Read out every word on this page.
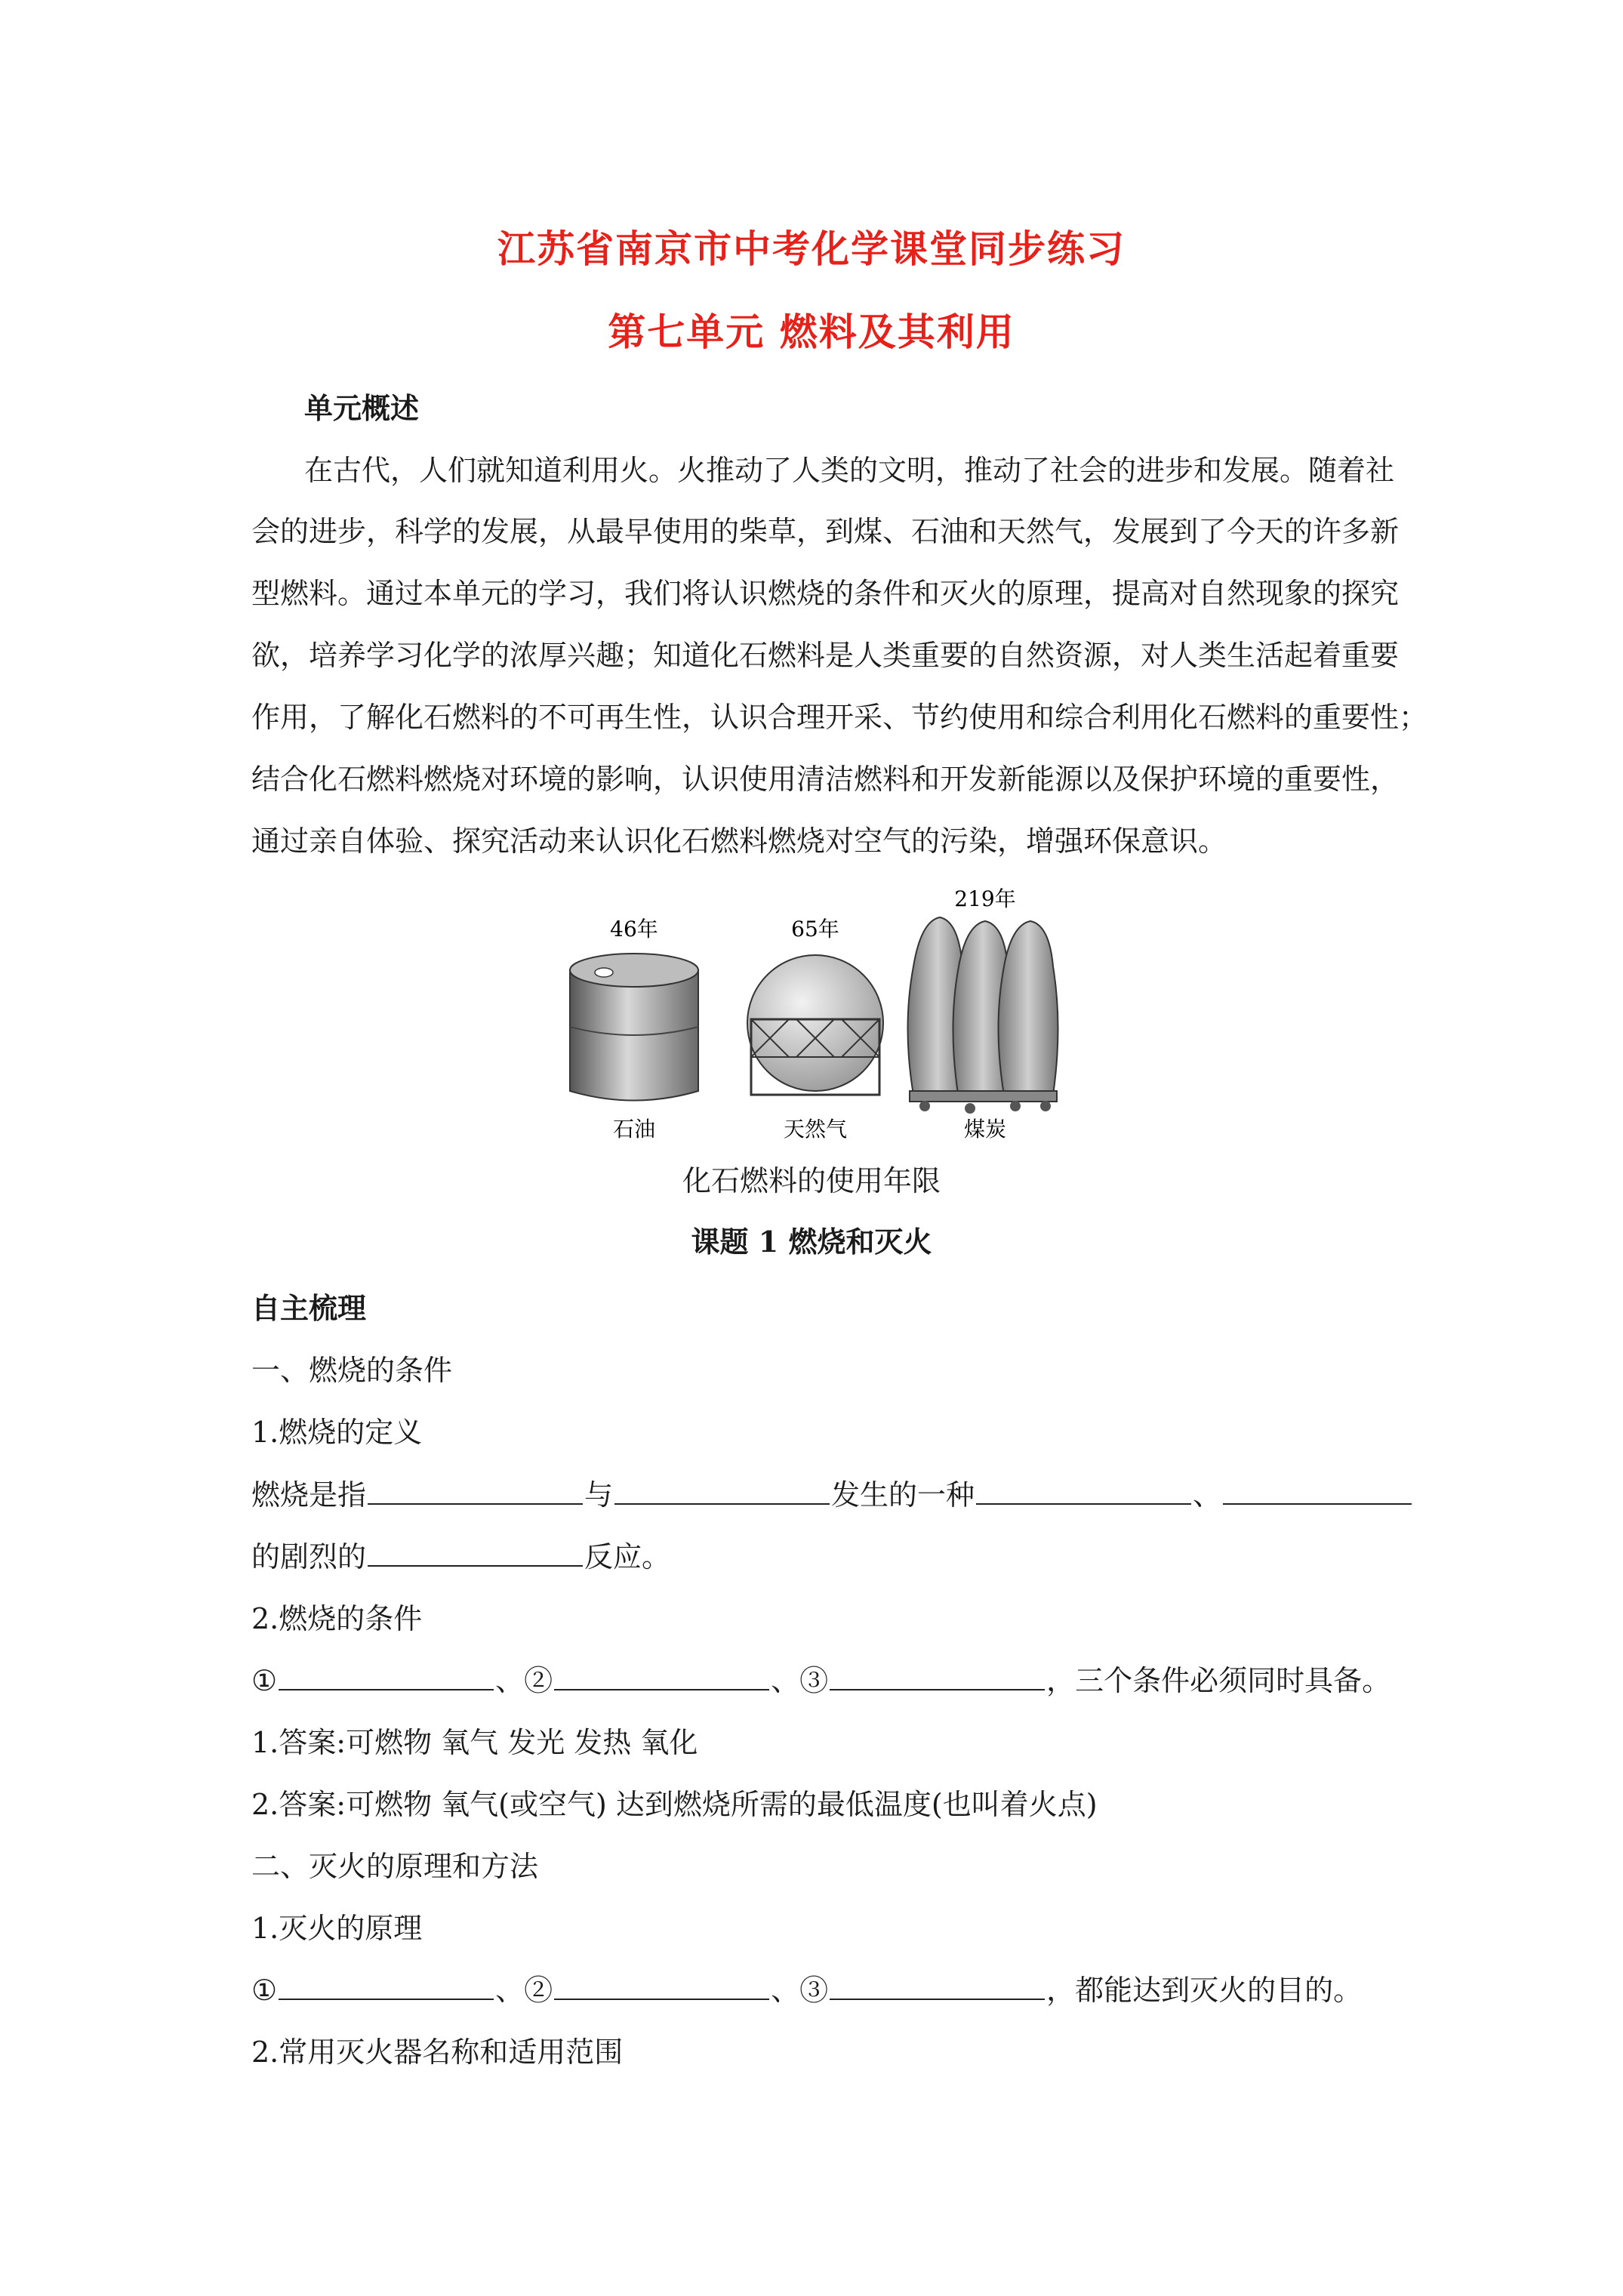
江苏省南京市中考化学课堂同步练习
第七单元 燃料及其利用
单元概述
在古代，人们就知道利用火。火推动了人类的文明，推动了社会的进步和发展。随着社
会的进步，科学的发展，从最早使用的柴草，到煤、石油和天然气，发展到了今天的许多新
型燃料。通过本单元的学习，我们将认识燃烧的条件和灭火的原理，提高对自然现象的探究
欲，培养学习化学的浓厚兴趣；知道化石燃料是人类重要的自然资源，对人类生活起着重要
作用，了解化石燃料的不可再生性，认识合理开采、节约使用和综合利用化石燃料的重要性；
结合化石燃料燃烧对环境的影响，认识使用清洁燃料和开发新能源以及保护环境的重要性，
通过亲自体验、探究活动来认识化石燃料燃烧对空气的污染，增强环保意识。
46年
石油
65年
天然气
219年
煤炭
化石燃料的使用年限
课题 1 燃烧和灭火
自主梳理
一、燃烧的条件
1.燃烧的定义
燃烧是指	与	发生的一种	、
的剧烈的	反应。
2.燃烧的条件
①	、②	、③	，三个条件必须同时具备。
1.答案:可燃物 氧气 发光 发热 氧化
2.答案:可燃物 氧气(或空气) 达到燃烧所需的最低温度(也叫着火点)
二、灭火的原理和方法
1.灭火的原理
①	、②	、③	，都能达到灭火的目的。
2.常用灭火器名称和适用范围
